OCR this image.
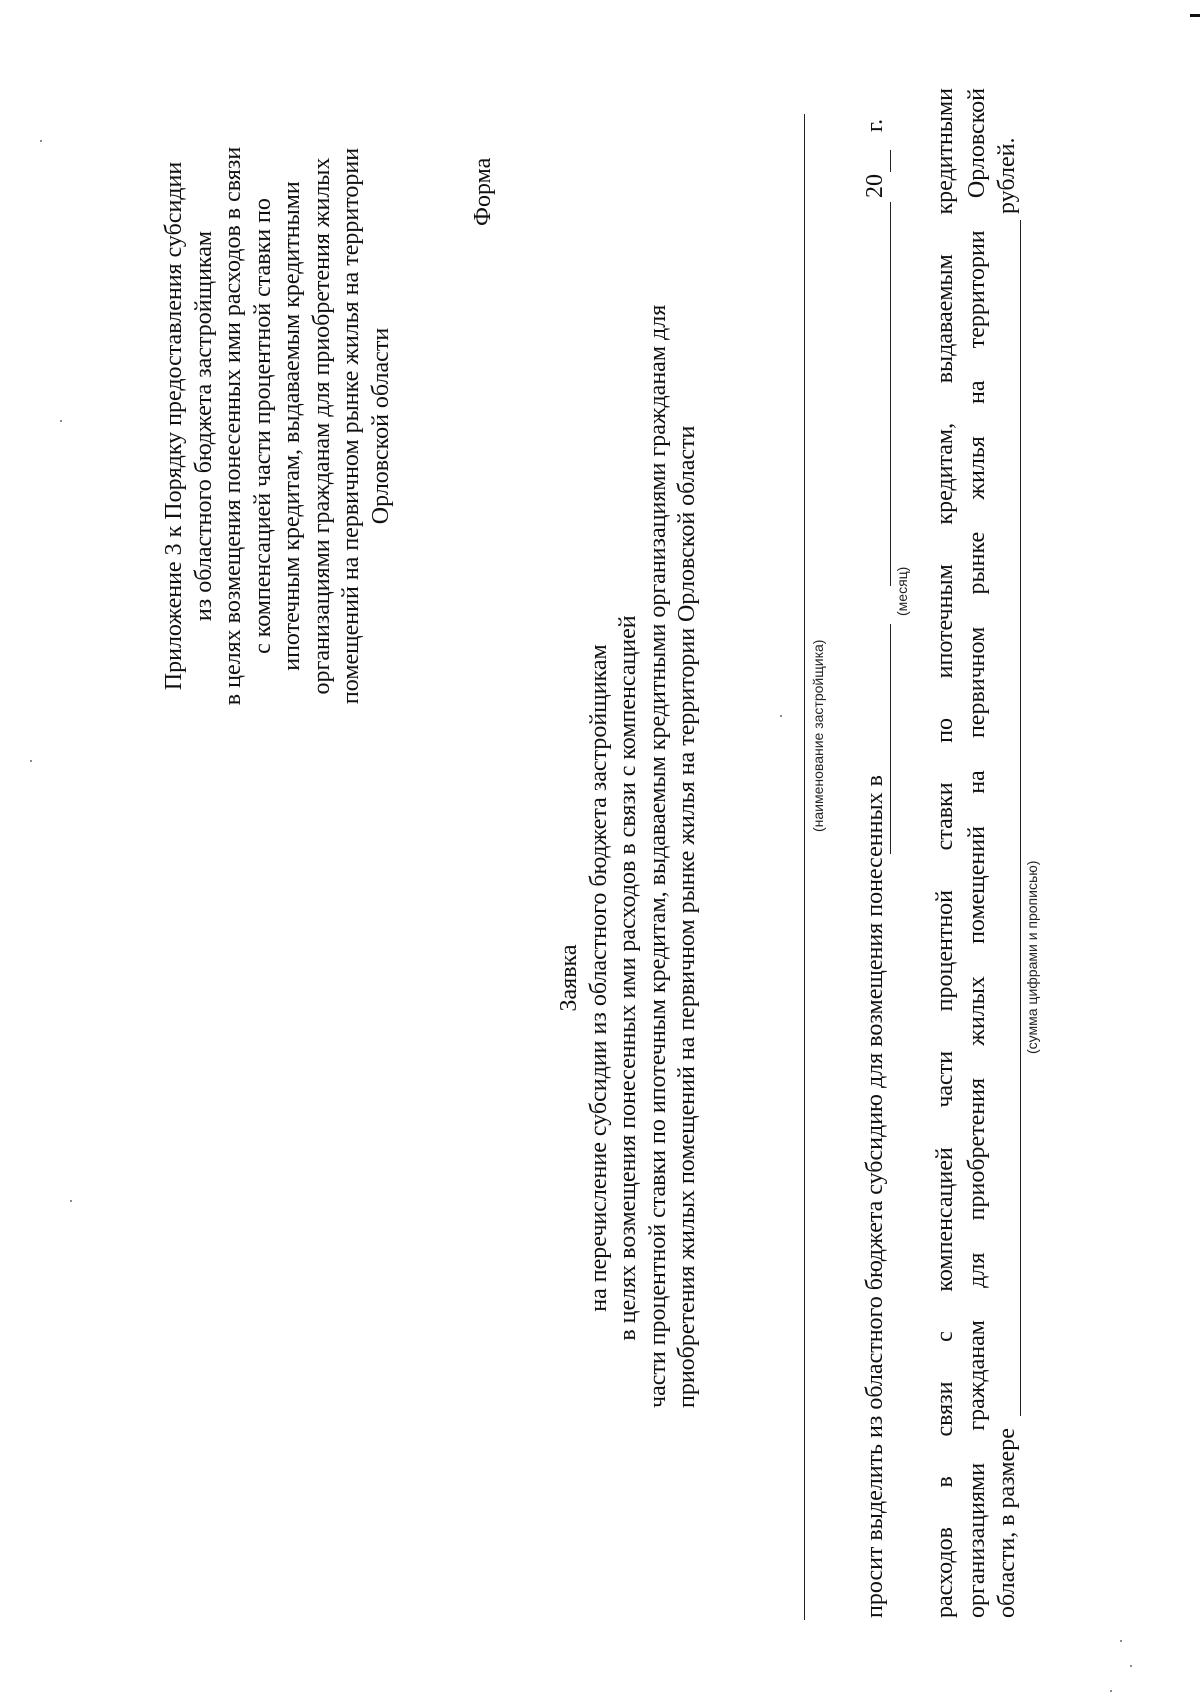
Приложение 3 к Порядку предоставления субсидии из областного бюджета застройщикам в целях возмещения понесенных ими расходов в связи с компенсацией части процентной ставки по ипотечным кредитам, выдаваемым кредитными организациями гражданам для приобретения жилых помещений на первичном рынке жилья на территории Орловской области
Форма
Заявка на перечисление субсидии из областного бюджета застройщикам в целях возмещения понесенных ими расходов в связи с компенсацией части процентной ставки по ипотечным кредитам, выдаваемым кредитными организациями гражданам для приобретения жилых помещений на первичном рынке жилья на территории Орловской области	(наименование застройщика)
просит выделить из областного бюджета субсидию для возмещения понесенных в
(месяц)
20
г. расходов в связи с компенсацией части процентной ставки по ипотечным кредитам, выдаваемым кредитными организациями гражданам для приобретения жилых помещений на первичном рынке жилья на территории Орловской области, в размере
рублей.
(сумма цифрами и прописью)
